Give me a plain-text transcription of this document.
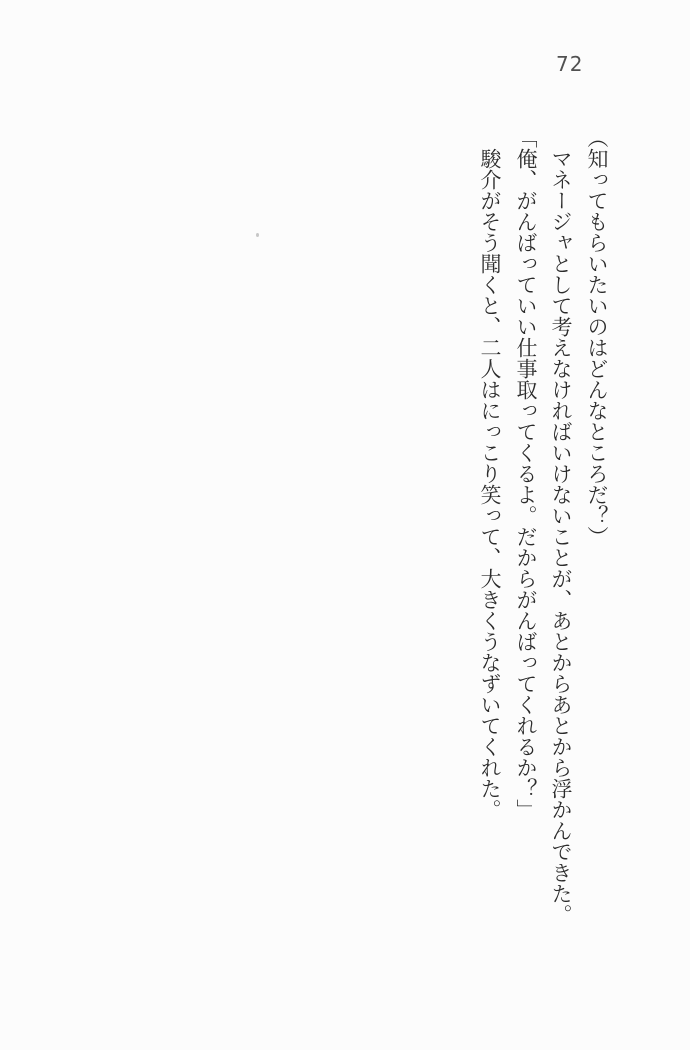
72

（知ってもらいたいのはどんなところだ？）

　マネージャとして考えなければいけないことが、あとからあとから浮かんできた。

「俺、がんばっていい仕事取ってくるよ。だからがんばってくれるか？」

　駿介がそう聞くと、二人はにっこり笑って、大きくうなずいてくれた。
